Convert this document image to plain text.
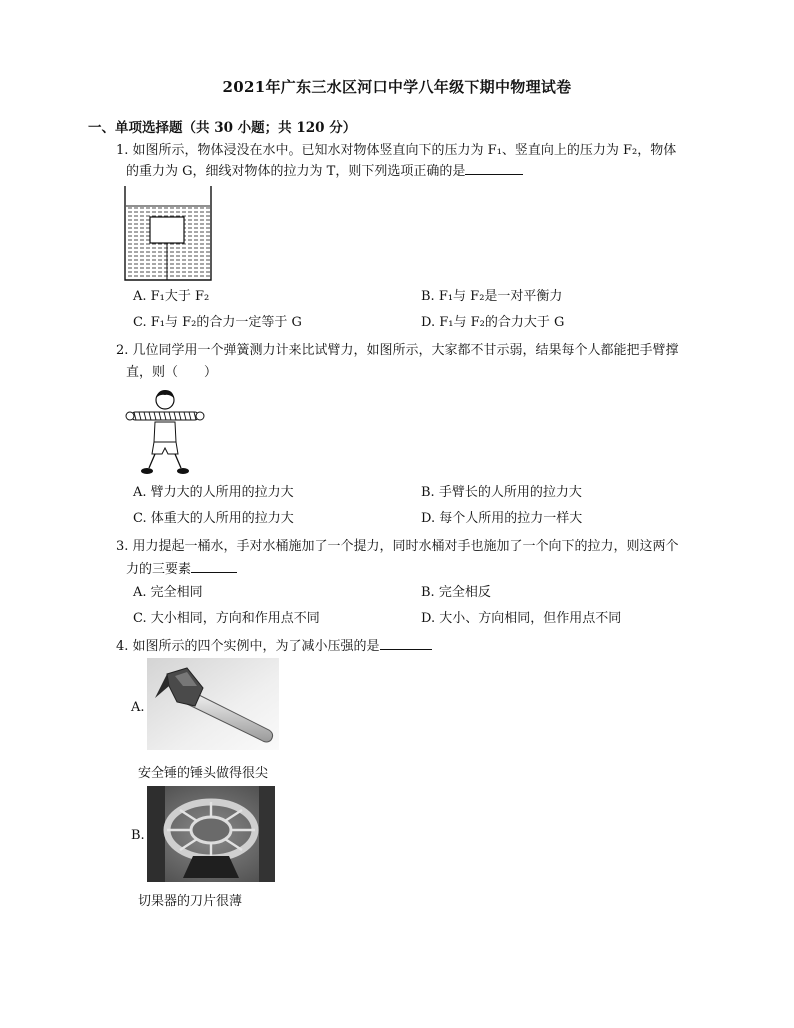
2021年广东三水区河口中学八年级下期中物理试卷
一、单项选择题（共 30 小题；共 120 分）
1. 如图所示，物体浸没在水中。已知水对物体竖直向下的压力为 F₁、竖直向上的压力为 F₂，物体
的重力为 G，细线对物体的拉力为 T，则下列选项正确的是
A. F₁大于 F₂	B. F₁与 F₂是一对平衡力
C. F₁与 F₂的合力一定等于 G	D. F₁与 F₂的合力大于 G
2. 几位同学用一个弹簧测力计来比试臂力，如图所示，大家都不甘示弱，结果每个人都能把手臂撑
直，则（　　）
A. 臂力大的人所用的拉力大	B. 手臂长的人所用的拉力大
C. 体重大的人所用的拉力大	D. 每个人所用的拉力一样大
3. 用力提起一桶水，手对水桶施加了一个提力，同时水桶对手也施加了一个向下的拉力，则这两个
力的三要素
A. 完全相同	B. 完全相反
C. 大小相同，方向和作用点不同	D. 大小、方向相同，但作用点不同
4. 如图所示的四个实例中，为了减小压强的是
A.
安全锤的锤头做得很尖
B.
切果器的刀片很薄
